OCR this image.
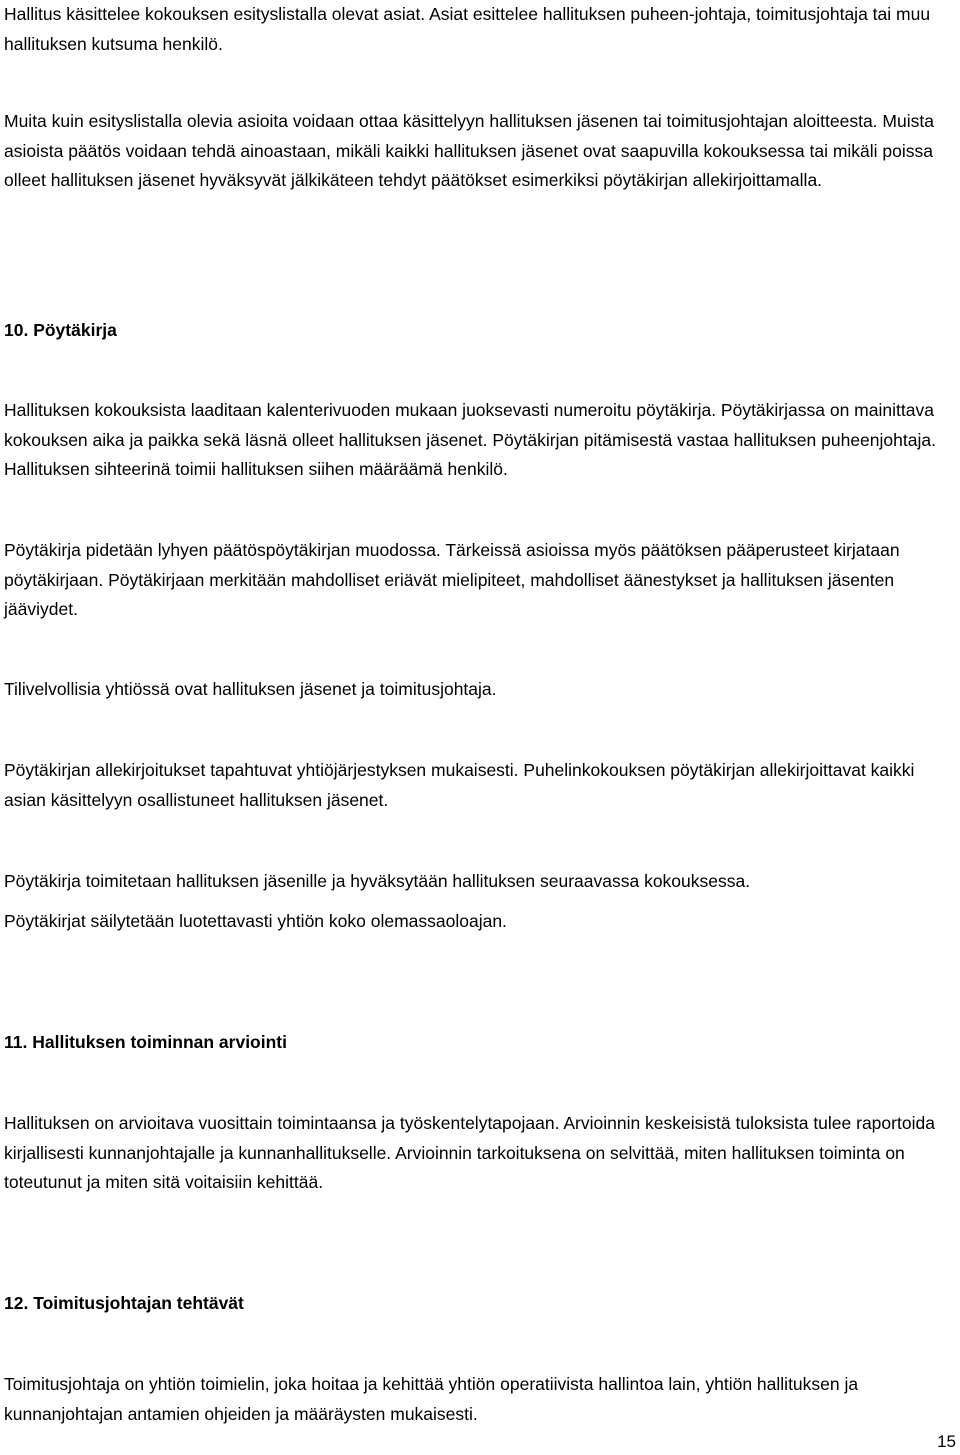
Hallitus käsittelee kokouksen esityslistalla olevat asiat. Asiat esittelee hallituksen puheen-johtaja, toimitusjohtaja tai muu hallituksen kutsuma henkilö.

Muita kuin esityslistalla olevia asioita voidaan ottaa käsittelyyn hallituksen jäsenen tai toimitusjohtajan aloitteesta. Muista asioista päätös voidaan tehdä ainoastaan, mikäli kaikki hallituksen jäsenet ovat saapuvilla kokouksessa tai mikäli poissa olleet hallituksen jäsenet hyväksyvät jälkikäteen tehdyt päätökset esimerkiksi pöytäkirjan allekirjoittamalla.

10. Pöytäkirja

Hallituksen kokouksista laaditaan kalenterivuoden mukaan juoksevasti numeroitu pöytäkirja. Pöytäkirjassa on mainittava kokouksen aika ja paikka sekä läsnä olleet hallituksen jäsenet. Pöytäkirjan pitämisestä vastaa hallituksen puheenjohtaja. Hallituksen sihteerinä toimii hallituksen siihen määräämä henkilö.

Pöytäkirja pidetään lyhyen päätöspöytäkirjan muodossa. Tärkeissä asioissa myös päätöksen pääperusteet kirjataan pöytäkirjaan. Pöytäkirjaan merkitään mahdolliset eriävät mielipiteet, mahdolliset äänestykset ja hallituksen jäsenten jääviydet.

Tilivelvollisia yhtiössä ovat hallituksen jäsenet ja toimitusjohtaja.

Pöytäkirjan allekirjoitukset tapahtuvat yhtiöjärjestyksen mukaisesti. Puhelinkokouksen pöytäkirjan allekirjoittavat kaikki asian käsittelyyn osallistuneet hallituksen jäsenet.

Pöytäkirja toimitetaan hallituksen jäsenille ja hyväksytään hallituksen seuraavassa kokouksessa.

Pöytäkirjat säilytetään luotettavasti yhtiön koko olemassaoloajan.

11. Hallituksen toiminnan arviointi

Hallituksen on arvioitava vuosittain toimintaansa ja työskentelytapojaan. Arvioinnin keskeisistä tuloksista tulee raportoida kirjallisesti kunnanjohtajalle ja kunnanhallitukselle. Arvioinnin tarkoituksena on selvittää, miten hallituksen toiminta on toteutunut ja miten sitä voitaisiin kehittää.

12. Toimitusjohtajan tehtävät

Toimitusjohtaja on yhtiön toimielin, joka hoitaa ja kehittää yhtiön operatiivista hallintoa lain, yhtiön hallituksen ja kunnanjohtajan antamien ohjeiden ja määräysten mukaisesti.

15
